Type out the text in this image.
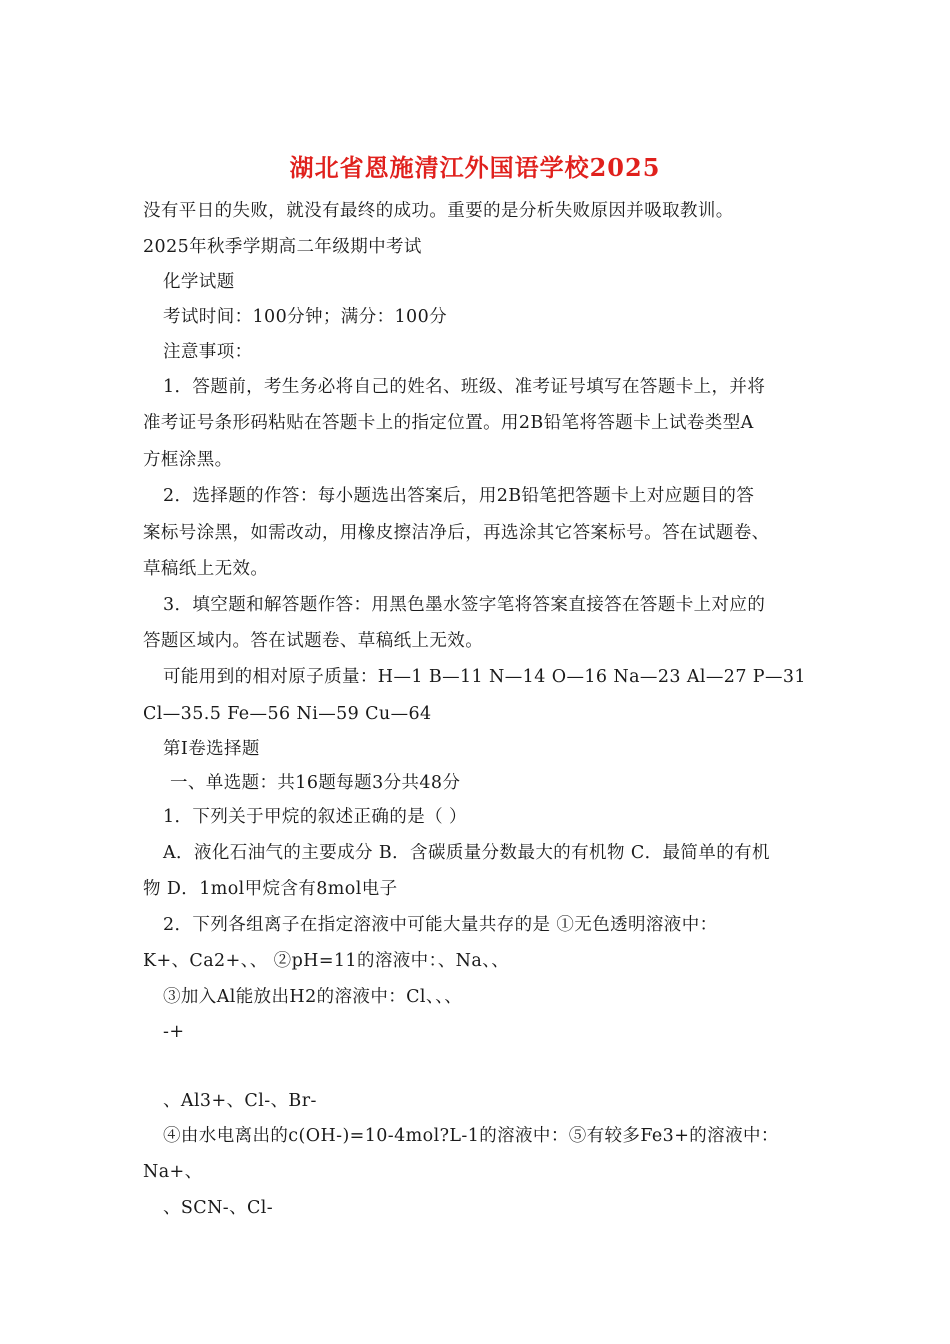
湖北省恩施清江外国语学校2025
没有平日的失败，就没有最终的成功。重要的是分析失败原因并吸取教训。
2025年秋季学期高二年级期中考试
化学试题
考试时间：100分钟；满分：100分
注意事项：
1．答题前，考生务必将自己的姓名、班级、准考证号填写在答题卡上，并将
准考证号条形码粘贴在答题卡上的指定位置。用2B铅笔将答题卡上试卷类型A
方框涂黑。
2．选择题的作答：每小题选出答案后，用2B铅笔把答题卡上对应题目的答
案标号涂黑，如需改动，用橡皮擦洁净后，再选涂其它答案标号。答在试题卷、
草稿纸上无效。
3．填空题和解答题作答：用黑色墨水签字笔将答案直接答在答题卡上对应的
答题区域内。答在试题卷、草稿纸上无效。
可能用到的相对原子质量：H—1 B—11 N—14 O—16 Na—23 Al—27 P—31
Cl—35.5 Fe—56 Ni—59 Cu—64
第Ⅰ卷选择题
一、单选题：共16题每题3分共48分
1．下列关于甲烷的叙述正确的是（ ）
A．液化石油气的主要成分 B．含碳质量分数最大的有机物 C．最简单的有机
物 D．1mol甲烷含有8mol电子
2．下列各组离子在指定溶液中可能大量共存的是 ①无色透明溶液中：
K+、Ca2+、、 ②pH=11的溶液中：、Na、、
③加入Al能放出H2的溶液中：Cl、、、
-+
、Al3+、Cl-、Br-
④由水电离出的c(OH-)=10-4mol?L-1的溶液中：⑤有较多Fe3+的溶液中：
Na+、
、SCN-、Cl-
